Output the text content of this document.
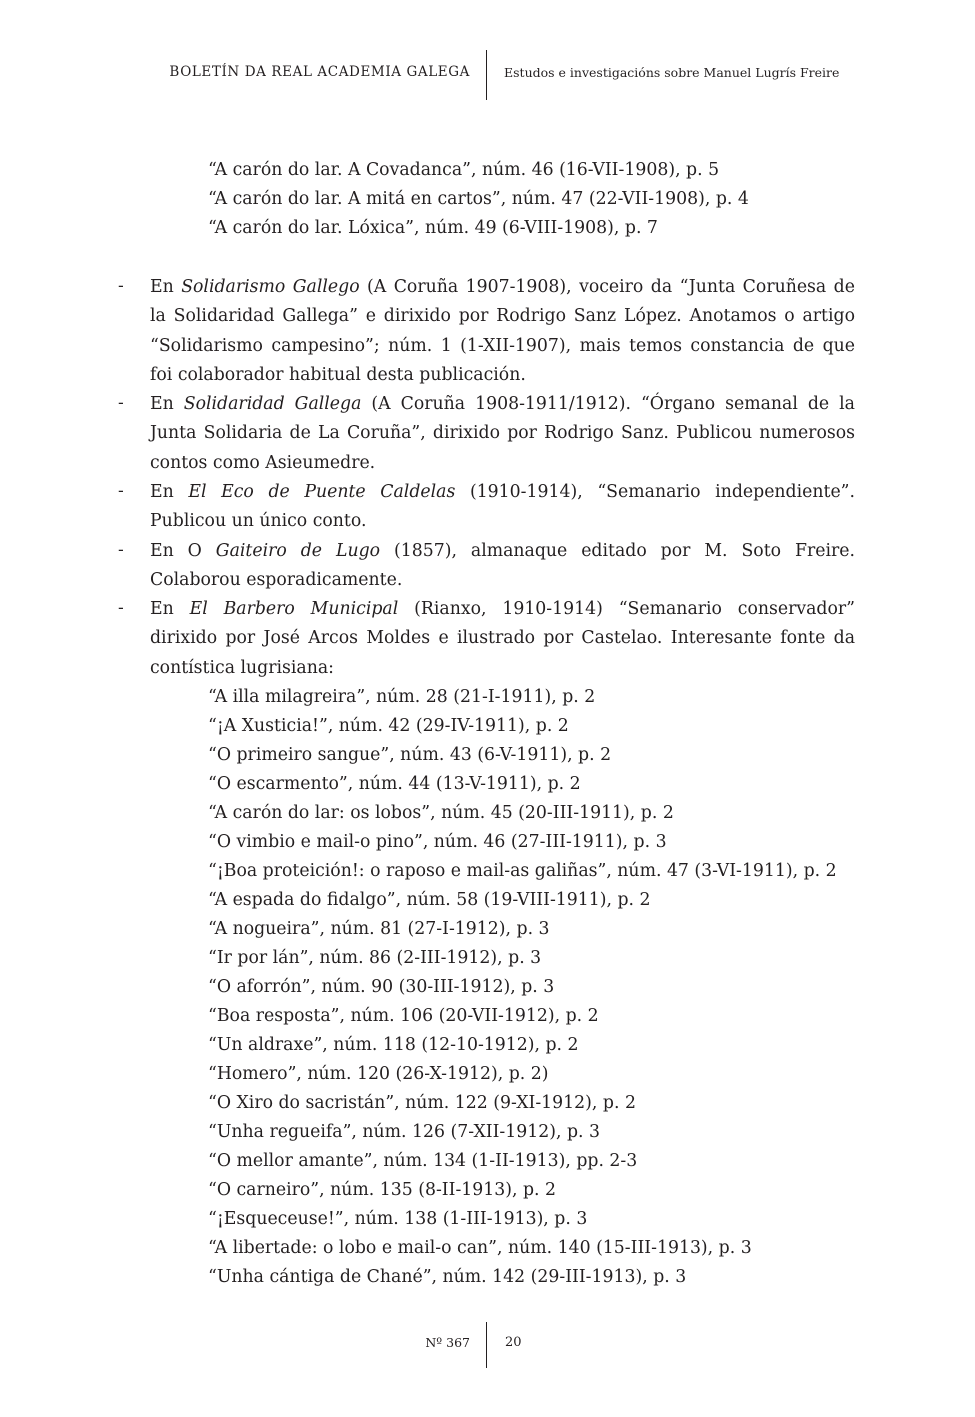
BOLETÍN DA REAL ACADEMIA GALEGA	Estudos e investigacións sobre Manuel Lugrís Freire
“A carón do lar. A Covadanca”, núm. 46 (16-VII-1908), p. 5
“A carón do lar. A mitá en cartos”, núm. 47 (22-VII-1908), p. 4
“A carón do lar. Lóxica”, núm. 49 (6-VIII-1908), p. 7
- En Solidarismo Gallego (A Coruña 1907-1908), voceiro da “Junta Coruñesa de la Solidaridad Gallega” e dirixido por Rodrigo Sanz López. Anotamos o artigo “Solidarismo campesino”; núm. 1 (1-XII-1907), mais temos constancia de que foi colaborador habitual desta publicación.

- En Solidaridad Gallega (A Coruña 1908-1911/1912). “Órgano semanal de la Junta Solidaria de La Coruña”, dirixido por Rodrigo Sanz. Publicou numerosos contos como Asieumedre.

- En El Eco de Puente Caldelas (1910-1914), “Semanario independiente”. Publicou un único conto.

- En O Gaiteiro de Lugo (1857), almanaque editado por M. Soto Freire. Colaborou esporadicamente.

- En El Barbero Municipal (Rianxo, 1910-1914) “Semanario conservador” dirixido por José Arcos Moldes e ilustrado por Castelao. Interesante fonte da contística lugrisiana:

“A illa milagreira”, núm. 28 (21-I-1911), p. 2
“¡A Xusticia!”, núm. 42 (29-IV-1911), p. 2
“O primeiro sangue”, núm. 43 (6-V-1911), p. 2
“O escarmento”, núm. 44 (13-V-1911), p. 2
“A carón do lar: os lobos”, núm. 45 (20-III-1911), p. 2
“O vimbio e mail-o pino”, núm. 46 (27-III-1911), p. 3
“¡Boa proteición!: o raposo e mail-as galiñas”, núm. 47 (3-VI-1911), p. 2
“A espada do fidalgo”, núm. 58 (19-VIII-1911), p. 2
“A nogueira”, núm. 81 (27-I-1912), p. 3
“Ir por lán”, núm. 86 (2-III-1912), p. 3
“O aforrón”, núm. 90 (30-III-1912), p. 3
“Boa resposta”, núm. 106 (20-VII-1912), p. 2
“Un aldraxe”, núm. 118 (12-10-1912), p. 2
“Homero”, núm. 120 (26-X-1912), p. 2)
“O Xiro do sacristán”, núm. 122 (9-XI-1912), p. 2
“Unha regueifa”, núm. 126 (7-XII-1912), p. 3
“O mellor amante”, núm. 134 (1-II-1913), pp. 2-3
“O carneiro”, núm. 135 (8-II-1913), p. 2
“¡Esqueceuse!”, núm. 138 (1-III-1913), p. 3
“A libertade: o lobo e mail-o can”, núm. 140 (15-III-1913), p. 3
“Unha cántiga de Chané”, núm. 142 (29-III-1913), p. 3
Nº 367	20
